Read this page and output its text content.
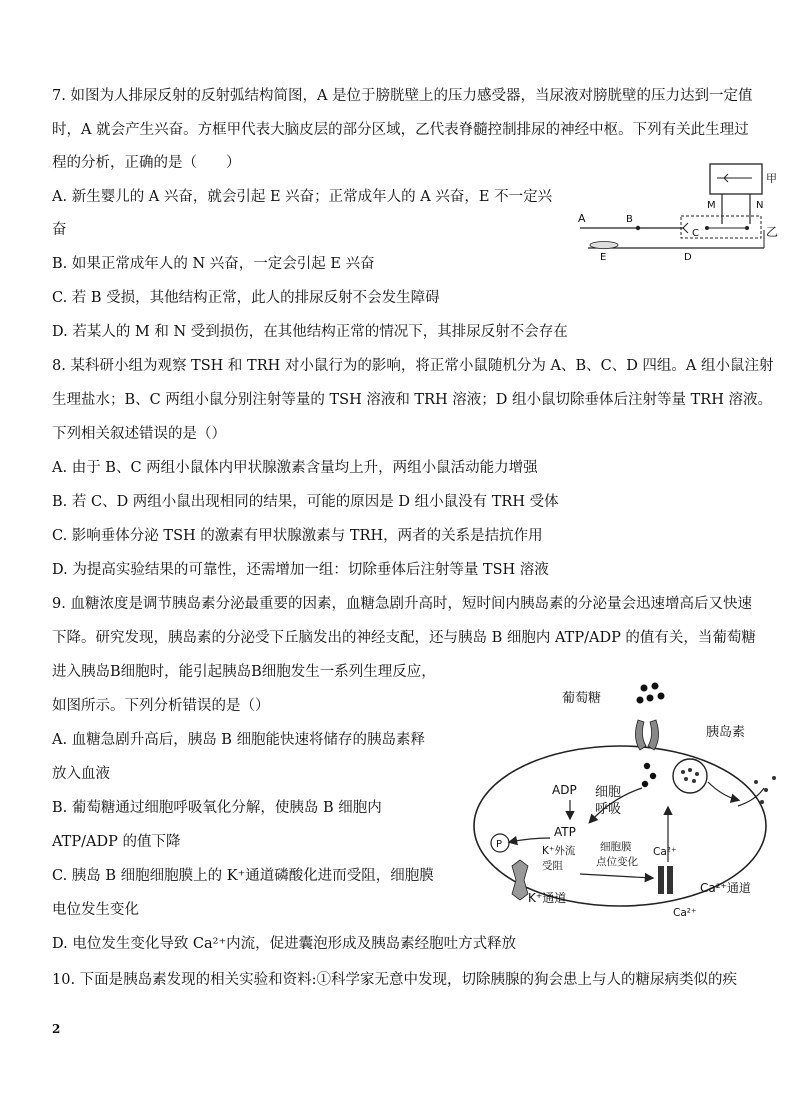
7. 如图为人排尿反射的反射弧结构简图，A 是位于膀胱壁上的压力感受器，当尿液对膀胱壁的压力达到一定值
时，A 就会产生兴奋。方框甲代表大脑皮层的部分区域，乙代表脊髓控制排尿的神经中枢。下列有关此生理过
程的分析，正确的是（　　）
A. 新生婴儿的 A 兴奋，就会引起 E 兴奋；正常成年人的 A 兴奋，E 不一定兴
奋
B. 如果正常成年人的 N 兴奋，一定会引起 E 兴奋
C. 若 B 受损，其他结构正常，此人的排尿反射不会发生障碍
D. 若某人的 M 和 N 受到损伤，在其他结构正常的情况下，其排尿反射不会存在
甲
M	N
乙
A	B
C
E	D
8. 某科研小组为观察 TSH 和 TRH 对小鼠行为的影响，将正常小鼠随机分为 A、B、C、D 四组。A 组小鼠注射
生理盐水；B、C 两组小鼠分别注射等量的 TSH 溶液和 TRH 溶液；D 组小鼠切除垂体后注射等量 TRH 溶液。
下列相关叙述错误的是（）
A. 由于 B、C 两组小鼠体内甲状腺激素含量均上升，两组小鼠活动能力增强
B. 若 C、D 两组小鼠出现相同的结果，可能的原因是 D 组小鼠没有 TRH 受体
C. 影响垂体分泌 TSH 的激素有甲状腺激素与 TRH，两者的关系是拮抗作用
D. 为提高实验结果的可靠性，还需增加一组：切除垂体后注射等量 TSH 溶液
9. 血糖浓度是调节胰岛素分泌最重要的因素，血糖急剧升高时，短时间内胰岛素的分泌量会迅速增高后又快速
下降。研究发现，胰岛素的分泌受下丘脑发出的神经支配，还与胰岛 B 细胞内 ATP/ADP 的值有关，当葡萄糖
进入胰岛B细胞时，能引起胰岛B细胞发生一系列生理反应，
如图所示。下列分析错误的是（）
A. 血糖急剧升高后，胰岛 B 细胞能快速将储存的胰岛素释
放入血液
B. 葡萄糖通过细胞呼吸氧化分解，使胰岛 B 细胞内
ATP/ADP 的值下降
C. 胰岛 B 细胞细胞膜上的 K⁺通道磷酸化进而受阻，细胞膜
电位发生变化
D. 电位发生变化导致 Ca²⁺内流，促进囊泡形成及胰岛素经胞吐方式释放
葡萄糖
ADP
ATP
细胞
呼吸
P
K⁺外流
受阻
K⁺通道
细胞膜
点位变化
Ca²⁺
Ca²⁺通道
Ca²⁺
胰岛素
10. 下面是胰岛素发现的相关实验和资料:①科学家无意中发现，切除胰腺的狗会患上与人的糖尿病类似的疾
2
